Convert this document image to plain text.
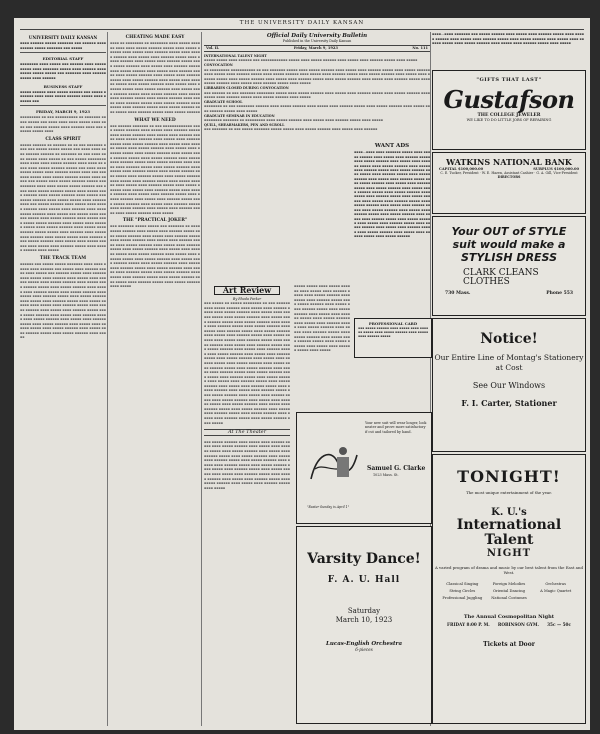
THE UNIVERSITY DAILY KANSAN
UNIVERSITY DAILY KANSAN
▪▪▪▪ ▪▪▪▪▪▪ ▪▪▪▪▪ ▪▪▪▪▪▪▪ ▪▪▪ ▪▪▪▪▪▪ ▪▪▪▪ ▪▪▪▪▪▪ ▪▪▪▪▪ ▪▪▪▪▪▪▪ ▪▪▪ ▪▪▪▪▪
EDITORIAL STAFF
▪▪▪▪▪▪▪▪ ▪▪▪▪ ▪▪▪▪▪ ▪▪▪ ▪▪▪▪▪▪ ▪▪▪▪ ▪▪▪▪▪ ▪▪▪▪▪ ▪▪▪▪ ▪▪▪▪▪▪▪ ▪▪▪▪▪ ▪▪▪▪ ▪▪▪▪▪▪ ▪▪▪▪ ▪▪▪▪▪ ▪▪▪▪▪ ▪▪▪▪▪ ▪▪▪ ▪▪▪▪▪▪▪ ▪▪▪▪ ▪▪▪▪▪▪ ▪▪▪▪▪ ▪▪▪▪ ▪▪▪▪▪▪
BUSINESS STAFF
▪▪▪▪▪ ▪▪▪▪▪▪ ▪▪▪▪ ▪▪▪▪▪ ▪▪▪▪▪▪ ▪▪▪ ▪▪▪▪▪ ▪▪▪▪▪▪▪ ▪▪▪▪ ▪▪▪▪ ▪▪▪▪▪ ▪▪▪▪▪▪ ▪▪▪▪▪ ▪▪▪▪ ▪▪▪▪▪▪ ▪▪▪
FRIDAY, MARCH 9, 1923
▪▪▪▪▪▪▪▪▪ ▪▪ ▪▪▪ ▪▪▪▪▪▪▪▪▪▪ ▪▪ ▪▪▪▪▪▪▪ ▪▪▪▪▪ ▪▪▪▪▪ ▪▪▪ ▪▪▪▪ ▪▪▪▪ ▪▪▪▪ ▪▪▪▪▪ ▪▪▪▪ ▪▪▪▪ ▪▪▪ ▪▪▪▪▪▪ ▪▪▪▪▪ ▪▪▪▪ ▪▪▪▪▪▪ ▪▪▪▪ ▪▪▪ ▪▪▪▪▪▪ ▪▪▪▪▪ ▪▪▪▪
CLASS SPIRIT
▪▪▪▪▪ ▪▪▪▪▪▪ ▪▪ ▪▪▪▪▪▪ ▪▪ ▪▪ ▪▪▪ ▪▪▪▪▪▪▪ ▪▪▪▪ ▪▪▪ ▪▪▪▪▪ ▪▪▪▪▪ ▪▪▪▪▪ ▪▪▪ ▪▪▪▪ ▪▪▪▪ ▪▪▪▪ ▪▪▪▪▪▪ ▪▪▪▪▪▪ ▪▪ ▪▪▪▪▪▪▪ ▪▪ ▪▪▪ ▪▪▪▪ ▪▪▪▪ ▪▪▪▪▪ ▪▪▪▪ ▪▪▪▪▪ ▪▪ ▪▪▪ ▪▪▪▪▪ ▪▪▪▪▪▪▪▪ ▪▪▪▪ ▪▪▪▪ ▪▪▪▪ ▪▪▪▪▪ ▪▪▪▪▪▪ ▪▪▪▪ ▪▪▪▪ ▪▪ ▪▪▪▪ ▪▪▪▪ ▪▪▪▪▪ ▪▪▪▪▪▪ ▪▪▪▪▪ ▪▪▪ ▪▪▪▪ ▪▪▪▪ ▪▪▪▪▪ ▪▪▪▪▪ ▪▪▪▪ ▪▪▪▪▪▪ ▪▪▪▪▪ ▪▪▪▪ ▪▪▪ ▪▪▪▪▪▪▪ ▪▪▪▪▪ ▪▪▪▪ ▪▪▪▪▪ ▪▪▪▪▪▪ ▪▪▪▪▪ ▪▪▪▪ ▪▪▪▪▪ ▪▪▪ ▪▪▪▪▪ ▪▪▪▪ ▪▪▪▪▪ ▪▪▪▪▪▪ ▪▪▪▪▪ ▪▪▪ ▪▪▪▪▪▪▪ ▪▪▪▪ ▪▪▪▪ ▪▪▪▪▪ ▪▪▪▪▪ ▪▪▪▪▪▪ ▪▪▪ ▪▪▪▪ ▪▪▪▪ ▪▪▪▪▪ ▪▪▪▪▪▪ ▪▪▪▪▪ ▪▪▪▪ ▪▪▪▪▪ ▪▪▪▪ ▪▪▪▪▪▪ ▪▪▪▪ ▪▪▪▪▪ ▪▪▪▪▪▪ ▪▪▪▪ ▪▪▪▪▪ ▪▪▪ ▪▪▪▪▪ ▪▪▪▪▪▪ ▪▪▪▪ ▪▪▪▪▪ ▪▪▪▪▪ ▪▪▪▪ ▪▪▪▪▪▪ ▪▪▪▪ ▪▪▪ ▪▪▪▪▪ ▪▪▪▪▪▪ ▪▪▪▪ ▪▪▪▪▪ ▪▪▪▪ ▪▪▪▪▪ ▪▪▪▪▪▪ ▪▪▪▪ ▪▪▪▪▪ ▪▪▪▪ ▪▪▪▪▪▪ ▪▪▪▪ ▪▪▪▪ ▪▪▪▪▪ ▪▪▪▪▪▪ ▪▪▪▪ ▪▪▪▪▪ ▪▪▪ ▪▪▪▪▪ ▪▪▪▪ ▪▪▪▪▪▪ ▪▪▪▪▪ ▪▪▪▪ ▪▪▪▪▪ ▪▪▪▪▪▪ ▪▪▪▪ ▪▪▪▪▪ ▪▪▪▪ ▪▪▪▪▪ ▪▪▪▪▪ ▪▪▪▪▪▪ ▪▪▪▪ ▪▪▪▪▪ ▪▪▪▪ ▪▪▪▪▪▪ ▪▪▪▪▪ ▪▪▪▪ ▪▪▪▪▪ ▪▪▪▪▪▪ ▪▪▪▪ ▪▪▪▪▪ ▪▪▪▪ ▪▪▪▪▪▪ ▪▪▪▪▪ ▪▪▪▪▪ ▪▪▪▪ ▪▪▪▪▪▪ ▪▪▪▪ ▪▪▪▪▪ ▪▪▪▪ ▪▪▪▪▪▪ ▪▪▪▪ ▪▪▪▪▪ ▪▪▪▪▪ ▪▪▪▪ ▪▪▪▪▪▪ ▪▪▪▪ ▪▪▪▪▪ ▪▪▪▪▪▪ ▪▪▪▪ ▪▪▪▪▪ ▪▪▪▪ ▪▪▪▪▪ ▪▪▪▪▪▪ ▪▪▪▪ ▪▪▪▪▪ ▪▪▪▪ ▪▪▪▪▪▪ ▪▪▪▪▪ ▪▪▪▪ ▪▪▪▪▪ ▪▪▪▪▪▪ ▪▪▪▪ ▪▪▪▪▪
THE TRACK TEAM
▪▪▪▪▪▪ ▪▪▪ ▪▪▪▪▪ ▪▪▪▪▪ ▪▪▪▪▪▪▪ ▪▪▪▪ ▪▪▪▪ ▪▪▪▪▪ ▪▪▪▪ ▪▪▪▪▪▪ ▪▪▪ ▪▪▪▪▪ ▪▪▪▪ ▪▪▪▪▪▪ ▪▪▪▪▪ ▪▪▪▪ ▪▪▪▪▪ ▪▪▪ ▪▪▪▪▪▪ ▪▪▪▪▪ ▪▪▪▪ ▪▪▪▪▪▪ ▪▪▪▪ ▪▪▪▪▪ ▪▪▪▪ ▪▪▪▪▪▪ ▪▪▪▪ ▪▪▪▪▪ ▪▪▪▪ ▪▪▪▪▪▪ ▪▪▪▪▪ ▪▪▪▪ ▪▪▪▪▪ ▪▪▪▪▪▪ ▪▪▪▪ ▪▪▪▪▪ ▪▪▪▪ ▪▪▪▪▪▪ ▪▪▪▪▪ ▪▪▪▪ ▪▪▪▪▪ ▪▪▪▪▪▪ ▪▪▪▪ ▪▪▪▪▪ ▪▪▪▪ ▪▪▪▪▪▪ ▪▪▪▪▪ ▪▪▪▪ ▪▪▪▪▪ ▪▪▪▪▪▪ ▪▪▪▪ ▪▪▪▪▪ ▪▪▪▪ ▪▪▪▪▪▪ ▪▪▪▪▪ ▪▪▪▪ ▪▪▪▪▪ ▪▪▪▪▪▪ ▪▪▪▪ ▪▪▪▪▪ ▪▪▪▪ ▪▪▪▪▪▪ ▪▪▪▪▪ ▪▪▪▪ ▪▪▪▪▪ ▪▪▪▪▪▪ ▪▪▪▪ ▪▪▪▪▪ ▪▪▪▪ ▪▪▪▪▪▪ ▪▪▪▪▪ ▪▪▪▪ ▪▪▪▪▪ ▪▪▪▪▪▪ ▪▪▪▪ ▪▪▪▪▪ ▪▪▪▪ ▪▪▪▪▪▪ ▪▪▪▪▪ ▪▪▪▪ ▪▪▪▪▪ ▪▪▪▪▪▪ ▪▪▪▪ ▪▪▪▪▪ ▪▪▪▪ ▪▪▪▪▪▪ ▪▪▪▪▪ ▪▪▪▪ ▪▪▪▪▪ ▪▪▪▪▪▪ ▪▪▪▪ ▪▪▪▪▪ ▪▪▪▪ ▪▪▪▪▪▪ ▪▪▪▪▪ ▪▪▪▪ ▪▪▪▪▪ ▪▪▪▪▪▪ ▪▪▪▪ ▪▪▪▪▪ ▪▪▪▪ ▪▪▪▪▪▪ ▪▪▪▪▪ ▪▪▪▪ ▪▪▪▪▪ ▪▪▪▪▪▪ ▪▪▪▪ ▪▪▪▪▪ ▪▪▪▪ ▪▪▪▪▪▪ ▪▪▪▪▪ ▪▪▪▪ ▪▪▪▪▪ ▪▪▪▪▪▪ ▪▪▪▪ ▪▪▪▪▪
CHEATING MADE EASY
▪▪▪▪ ▪▪ ▪▪▪▪▪▪▪▪ ▪▪ ▪▪▪▪▪▪▪▪ ▪▪▪▪ ▪▪▪▪▪ ▪▪▪▪▪▪ ▪▪▪▪ ▪▪▪▪ ▪▪▪▪▪ ▪▪▪▪▪▪ ▪▪▪▪▪ ▪▪▪▪ ▪▪▪▪▪ ▪▪▪▪▪▪ ▪▪▪▪ ▪▪▪▪▪ ▪▪▪▪ ▪▪▪▪▪▪ ▪▪▪▪▪ ▪▪▪▪ ▪▪▪▪▪ ▪▪▪▪▪▪ ▪▪▪▪ ▪▪▪▪▪ ▪▪▪▪ ▪▪▪▪▪▪ ▪▪▪▪▪ ▪▪▪▪ ▪▪▪▪▪ ▪▪▪▪▪▪ ▪▪▪▪ ▪▪▪▪▪ ▪▪▪▪ ▪▪▪▪▪▪ ▪▪▪▪▪ ▪▪▪▪ ▪▪▪▪▪ ▪▪▪▪▪▪ ▪▪▪▪ ▪▪▪▪▪ ▪▪▪▪ ▪▪▪▪▪▪ ▪▪▪▪▪ ▪▪▪▪ ▪▪▪▪▪ ▪▪▪▪▪▪ ▪▪▪▪ ▪▪▪▪▪ ▪▪▪▪ ▪▪▪▪▪▪ ▪▪▪▪▪ ▪▪▪▪ ▪▪▪▪▪ ▪▪▪▪▪▪ ▪▪▪▪ ▪▪▪▪▪ ▪▪▪▪ ▪▪▪▪▪▪ ▪▪▪▪▪ ▪▪▪▪ ▪▪▪▪▪ ▪▪▪▪▪▪ ▪▪▪▪ ▪▪▪▪▪ ▪▪▪▪ ▪▪▪▪▪▪ ▪▪▪▪▪ ▪▪▪▪ ▪▪▪▪▪ ▪▪▪▪▪▪ ▪▪▪▪ ▪▪▪▪▪ ▪▪▪▪ ▪▪▪▪▪▪ ▪▪▪▪▪ ▪▪▪▪ ▪▪▪▪▪ ▪▪▪▪▪▪ ▪▪▪▪ ▪▪▪▪▪ ▪▪▪▪ ▪▪▪▪▪▪ ▪▪▪▪▪ ▪▪▪▪ ▪▪▪▪▪ ▪▪▪▪▪▪ ▪▪▪▪ ▪▪▪▪▪ ▪▪▪▪ ▪▪▪▪▪▪ ▪▪▪▪▪ ▪▪▪▪ ▪▪▪▪▪ ▪▪▪▪▪▪ ▪▪▪▪ ▪▪▪▪▪ ▪▪▪▪ ▪▪▪▪▪▪ ▪▪▪▪▪ ▪▪▪▪ ▪▪▪▪▪ ▪▪▪▪▪▪ ▪▪▪▪ ▪▪▪▪▪ ▪▪▪▪ ▪▪▪▪▪▪ ▪▪▪▪▪ ▪▪▪▪ ▪▪▪▪▪ ▪▪▪▪▪▪ ▪▪▪▪ ▪▪▪▪▪ ▪▪▪▪ ▪▪▪▪▪▪ ▪▪▪▪▪ ▪▪▪▪ ▪▪▪▪▪ ▪▪▪▪▪▪
WHAT WE NEED
▪▪▪ ▪▪▪▪▪▪ ▪▪▪▪▪▪▪ ▪▪ ▪▪▪ ▪▪▪▪▪▪▪▪▪▪▪▪▪ ▪▪▪▪ ▪▪▪▪▪ ▪▪▪▪▪▪ ▪▪▪▪ ▪▪▪▪▪ ▪▪▪▪ ▪▪▪▪▪▪ ▪▪▪▪▪ ▪▪▪▪ ▪▪▪▪▪ ▪▪▪▪▪▪ ▪▪▪▪ ▪▪▪▪▪ ▪▪▪▪ ▪▪▪▪▪▪ ▪▪▪▪▪ ▪▪▪▪ ▪▪▪▪▪ ▪▪▪▪▪▪ ▪▪▪▪ ▪▪▪▪▪ ▪▪▪▪ ▪▪▪▪▪▪ ▪▪▪▪▪ ▪▪▪▪ ▪▪▪▪▪ ▪▪▪▪▪▪ ▪▪▪▪ ▪▪▪▪▪ ▪▪▪▪ ▪▪▪▪▪▪ ▪▪▪▪▪ ▪▪▪▪ ▪▪▪▪▪ ▪▪▪▪▪▪ ▪▪▪▪ ▪▪▪▪▪ ▪▪▪▪ ▪▪▪▪▪▪ ▪▪▪▪▪ ▪▪▪▪ ▪▪▪▪▪ ▪▪▪▪▪▪ ▪▪▪▪ ▪▪▪▪▪ ▪▪▪▪ ▪▪▪▪▪▪ ▪▪▪▪▪ ▪▪▪▪ ▪▪▪▪▪ ▪▪▪▪▪▪ ▪▪▪▪ ▪▪▪▪▪ ▪▪▪▪ ▪▪▪▪▪▪ ▪▪▪▪▪ ▪▪▪▪ ▪▪▪▪▪ ▪▪▪▪▪▪ ▪▪▪▪ ▪▪▪▪▪ ▪▪▪▪ ▪▪▪▪▪▪ ▪▪▪▪▪ ▪▪▪▪ ▪▪▪▪▪ ▪▪▪▪▪▪ ▪▪▪▪ ▪▪▪▪▪ ▪▪▪▪ ▪▪▪▪▪▪ ▪▪▪▪▪ ▪▪▪▪ ▪▪▪▪▪ ▪▪▪▪▪▪ ▪▪▪▪ ▪▪▪▪▪ ▪▪▪▪ ▪▪▪▪▪▪ ▪▪▪▪▪ ▪▪▪▪ ▪▪▪▪▪ ▪▪▪▪▪▪ ▪▪▪▪ ▪▪▪▪▪ ▪▪▪▪ ▪▪▪▪▪▪ ▪▪▪▪▪ ▪▪▪▪ ▪▪▪▪▪ ▪▪▪▪▪▪ ▪▪▪▪ ▪▪▪▪▪ ▪▪▪▪ ▪▪▪▪▪▪ ▪▪▪▪▪ ▪▪▪▪ ▪▪▪▪▪ ▪▪▪▪▪▪ ▪▪▪▪ ▪▪▪▪▪ ▪▪▪▪ ▪▪▪▪▪▪ ▪▪▪▪▪ ▪▪▪▪ ▪▪▪▪▪ ▪▪▪▪▪▪ ▪▪▪▪ ▪▪▪▪▪ ▪▪▪▪ ▪▪▪▪▪▪ ▪▪▪▪▪ ▪▪▪▪ ▪▪▪▪▪ ▪▪▪▪▪▪ ▪▪▪▪ ▪▪▪▪▪ ▪▪▪▪ ▪▪▪▪▪▪ ▪▪▪▪▪ ▪▪▪▪ ▪▪▪▪▪ ▪▪▪▪▪▪ ▪▪▪▪ ▪▪▪▪▪ ▪▪▪▪ ▪▪▪▪▪▪ ▪▪▪▪▪ ▪▪▪▪ ▪▪▪▪▪ ▪▪▪▪▪▪ ▪▪▪▪ ▪▪▪▪▪ ▪▪▪▪ ▪▪▪▪▪▪ ▪▪▪▪▪ ▪▪▪▪ ▪▪▪▪▪ ▪▪▪▪▪▪ ▪▪▪▪ ▪▪▪▪▪
THE "PRACTICAL JOKER"
▪▪▪ ▪▪▪▪▪▪▪ ▪▪▪▪▪ ▪▪▪▪▪ ▪▪▪ ▪▪▪▪▪▪▪ ▪▪ ▪▪▪▪ ▪▪▪▪▪ ▪▪▪▪▪▪ ▪▪▪▪ ▪▪▪▪▪ ▪▪▪▪ ▪▪▪▪▪▪ ▪▪▪▪▪ ▪▪▪▪ ▪▪▪▪▪ ▪▪▪▪▪▪ ▪▪▪▪ ▪▪▪▪▪ ▪▪▪▪ ▪▪▪▪▪▪ ▪▪▪▪▪ ▪▪▪▪ ▪▪▪▪▪ ▪▪▪▪▪▪ ▪▪▪▪ ▪▪▪▪▪ ▪▪▪▪ ▪▪▪▪▪▪ ▪▪▪▪▪ ▪▪▪▪ ▪▪▪▪▪ ▪▪▪▪▪▪ ▪▪▪▪ ▪▪▪▪▪ ▪▪▪▪ ▪▪▪▪▪▪ ▪▪▪▪▪ ▪▪▪▪ ▪▪▪▪▪ ▪▪▪▪▪▪ ▪▪▪▪ ▪▪▪▪▪ ▪▪▪▪ ▪▪▪▪▪▪ ▪▪▪▪▪ ▪▪▪▪ ▪▪▪▪▪ ▪▪▪▪▪▪ ▪▪▪▪ ▪▪▪▪▪ ▪▪▪▪ ▪▪▪▪▪▪ ▪▪▪▪▪ ▪▪▪▪ ▪▪▪▪▪ ▪▪▪▪▪▪ ▪▪▪▪ ▪▪▪▪▪ ▪▪▪▪ ▪▪▪▪▪▪ ▪▪▪▪▪ ▪▪▪▪ ▪▪▪▪▪ ▪▪▪▪▪▪ ▪▪▪▪ ▪▪▪▪▪ ▪▪▪▪ ▪▪▪▪▪▪ ▪▪▪▪▪ ▪▪▪▪ ▪▪▪▪▪ ▪▪▪▪▪▪ ▪▪▪▪ ▪▪▪▪▪ ▪▪▪▪ ▪▪▪▪▪▪ ▪▪▪▪▪ ▪▪▪▪ ▪▪▪▪▪ ▪▪▪▪▪▪ ▪▪▪▪ ▪▪▪▪▪ ▪▪▪▪ ▪▪▪▪▪▪ ▪▪▪▪▪ ▪▪▪▪ ▪▪▪▪▪ ▪▪▪▪▪▪ ▪▪▪▪ ▪▪▪▪▪ ▪▪▪▪ ▪▪▪▪▪▪ ▪▪▪▪▪ ▪▪▪▪ ▪▪▪▪▪ ▪▪▪▪▪▪ ▪▪▪▪ ▪▪▪▪▪
Official Daily University Bulletin
Published in the University Daily Kansan
Vol. II.	Friday, March 9, 1923	No. 111
INTERNATIONAL TALENT NIGHT
▪▪▪▪▪ ▪▪▪▪▪ ▪▪▪▪ ▪▪▪▪▪▪ ▪▪▪ ▪▪▪▪▪▪▪▪▪▪▪▪ ▪▪▪▪▪ ▪▪▪▪ ▪▪▪▪▪ ▪▪▪▪▪▪ ▪▪▪▪ ▪▪▪▪▪ ▪▪▪▪ ▪▪▪▪▪▪ ▪▪▪▪▪ ▪▪▪▪ ▪▪▪▪▪
CONVOCATION
▪▪ ▪▪▪▪▪▪▪▪▪ ▪▪▪▪▪▪▪▪▪▪▪ ▪▪ ▪▪▪ ▪▪▪▪▪▪▪ ▪▪▪▪▪ ▪▪▪▪ ▪▪▪▪▪ ▪▪▪▪▪▪ ▪▪▪▪ ▪▪▪▪▪ ▪▪▪▪ ▪▪▪▪▪▪ ▪▪▪▪▪ ▪▪▪▪ ▪▪▪▪▪ ▪▪▪▪▪▪ ▪▪▪▪ ▪▪▪▪▪ ▪▪▪▪ ▪▪▪▪▪▪ ▪▪▪▪▪ ▪▪▪▪ ▪▪▪▪▪ ▪▪▪▪▪▪ ▪▪▪▪ ▪▪▪▪▪ ▪▪▪▪ ▪▪▪▪▪▪ ▪▪▪▪▪ ▪▪▪▪ ▪▪▪▪▪ ▪▪▪▪▪▪ ▪▪▪▪ ▪▪▪▪▪ ▪▪▪▪ ▪▪▪▪▪▪ ▪▪▪▪▪ ▪▪▪▪ ▪▪▪▪▪ ▪▪▪▪▪▪ ▪▪▪▪ ▪▪▪▪▪ ▪▪▪▪ ▪▪▪▪▪▪ ▪▪▪▪▪ ▪▪▪▪ ▪▪▪▪▪ ▪▪▪▪▪▪ ▪▪▪▪ ▪▪▪▪▪ ▪▪▪▪ ▪▪▪▪▪▪ ▪▪▪▪▪ ▪▪▪▪ ▪▪▪▪▪ ▪▪▪▪▪▪ ▪▪▪▪ ▪▪▪▪▪ ▪▪▪▪ ▪▪▪▪▪▪ ▪▪▪▪▪ ▪▪▪▪ ▪▪▪▪▪
LIBRARIES CLOSED DURING CONVOCATION
▪▪▪ ▪▪▪▪▪▪ ▪▪ ▪▪▪ ▪▪▪▪▪▪▪ ▪▪▪▪▪▪▪▪ ▪▪▪▪▪ ▪▪▪▪ ▪▪▪▪▪ ▪▪▪▪▪▪ ▪▪▪▪ ▪▪▪▪▪ ▪▪▪▪ ▪▪▪▪▪▪ ▪▪▪▪▪ ▪▪▪▪ ▪▪▪▪▪ ▪▪▪▪▪▪ ▪▪▪▪ ▪▪▪▪▪ ▪▪▪▪ ▪▪▪▪▪▪ ▪▪▪▪▪ ▪▪▪▪ ▪▪▪▪▪ ▪▪▪▪▪▪ ▪▪▪▪ ▪▪▪▪▪
GRADUATE SCHOOL
▪▪▪▪▪▪▪▪ ▪▪ ▪▪▪ ▪▪▪▪▪▪▪▪ ▪▪▪▪▪▪ ▪▪▪▪ ▪▪▪▪▪ ▪▪▪▪▪▪ ▪▪▪▪ ▪▪▪▪▪ ▪▪▪▪ ▪▪▪▪▪▪ ▪▪▪▪▪ ▪▪▪▪ ▪▪▪▪▪ ▪▪▪▪▪▪ ▪▪▪▪ ▪▪▪▪▪ ▪▪▪▪ ▪▪▪▪▪▪ ▪▪▪▪▪ ▪▪▪▪ ▪▪▪▪▪
GRADUATE SEMINAR IN EDUCATION
▪▪▪▪▪▪▪▪ ▪▪▪▪▪▪▪ ▪▪ ▪▪▪▪▪▪▪▪▪ ▪▪▪▪ ▪▪▪▪▪ ▪▪▪▪▪▪ ▪▪▪▪ ▪▪▪▪▪ ▪▪▪▪ ▪▪▪▪▪▪ ▪▪▪▪▪ ▪▪▪▪ ▪▪▪▪▪
QUILL, SHEARMAKERS, PEN AND SCROLL
▪▪▪ ▪▪▪▪▪▪▪ ▪▪ ▪▪▪ ▪▪▪▪▪ ▪▪▪▪▪▪▪ ▪▪▪▪▪ ▪▪▪▪▪ ▪▪▪▪ ▪▪▪▪▪ ▪▪▪▪▪▪ ▪▪▪▪ ▪▪▪▪▪ ▪▪▪▪ ▪▪▪▪▪▪
WANT ADS
▪▪▪▪—▪▪▪▪ ▪▪▪▪ ▪▪▪▪▪▪▪ ▪▪▪▪▪ ▪▪▪▪ ▪▪▪▪▪ ▪▪▪▪▪▪ ▪▪▪▪ ▪▪▪▪▪ ▪▪▪▪ ▪▪▪▪▪▪ ▪▪▪▪▪ ▪▪▪▪ ▪▪▪▪▪ ▪▪▪▪▪▪ ▪▪▪▪ ▪▪▪▪▪ ▪▪▪▪ ▪▪▪▪▪▪ ▪▪▪▪▪ ▪▪▪▪ ▪▪▪▪▪ ▪▪▪▪▪▪ ▪▪▪▪ ▪▪▪▪▪ ▪▪▪▪ ▪▪▪▪▪▪ ▪▪▪▪▪ ▪▪▪▪ ▪▪▪▪▪ ▪▪▪▪▪▪ ▪▪▪▪ ▪▪▪▪▪ ▪▪▪▪ ▪▪▪▪▪▪ ▪▪▪▪▪ ▪▪▪▪ ▪▪▪▪▪ ▪▪▪▪▪▪ ▪▪▪▪ ▪▪▪▪▪ ▪▪▪▪ ▪▪▪▪▪▪ ▪▪▪▪▪ ▪▪▪▪ ▪▪▪▪▪ ▪▪▪▪▪▪ ▪▪▪▪ ▪▪▪▪▪ ▪▪▪▪ ▪▪▪▪▪▪ ▪▪▪▪▪ ▪▪▪▪ ▪▪▪▪▪ ▪▪▪▪▪▪ ▪▪▪▪ ▪▪▪▪▪ ▪▪▪▪ ▪▪▪▪▪▪ ▪▪▪▪▪ ▪▪▪▪ ▪▪▪▪▪ ▪▪▪▪▪▪ ▪▪▪▪ ▪▪▪▪▪ ▪▪▪▪ ▪▪▪▪▪▪ ▪▪▪▪▪ ▪▪▪▪ ▪▪▪▪▪ ▪▪▪▪▪▪ ▪▪▪▪ ▪▪▪▪▪ ▪▪▪▪ ▪▪▪▪▪▪ ▪▪▪▪▪ ▪▪▪▪ ▪▪▪▪▪ ▪▪▪▪▪▪ ▪▪▪▪ ▪▪▪▪▪ ▪▪▪▪ ▪▪▪▪▪▪ ▪▪▪▪▪ ▪▪▪▪ ▪▪▪▪▪ ▪▪▪▪▪▪ ▪▪▪▪ ▪▪▪▪▪ ▪▪▪▪ ▪▪▪▪▪▪ ▪▪▪▪▪ ▪▪▪▪ ▪▪▪▪▪ ▪▪▪▪▪▪ ▪▪▪▪ ▪▪▪▪▪ ▪▪▪▪ ▪▪▪▪▪▪ ▪▪▪▪▪ ▪▪▪▪ ▪▪▪▪▪ ▪▪▪▪▪▪ ▪▪▪▪ ▪▪▪▪▪ ▪▪▪▪ ▪▪▪▪▪▪ ▪▪▪▪▪ ▪▪▪▪ ▪▪▪▪▪ ▪▪▪▪▪▪ ▪▪▪▪ ▪▪▪▪▪ ▪▪▪▪ ▪▪▪▪▪▪ ▪▪▪▪▪ ▪▪▪▪ ▪▪▪▪▪ ▪▪▪▪▪▪ ▪▪▪▪ ▪▪▪▪▪ ▪▪▪▪ ▪▪▪▪▪▪ ▪▪▪▪▪ ▪▪▪▪ ▪▪▪▪▪ ▪▪▪▪▪▪
PROFESSIONAL CARD
▪▪▪ ▪▪▪▪▪ ▪▪▪▪▪▪ ▪▪▪▪ ▪▪▪▪▪ ▪▪▪▪ ▪▪▪▪▪▪ ▪▪▪▪▪ ▪▪▪▪ ▪▪▪▪▪ ▪▪▪▪▪▪ ▪▪▪▪ ▪▪▪▪▪ ▪▪▪▪ ▪▪▪▪▪▪ ▪▪▪▪▪
Art Review
By Rhoda Parker
▪▪▪ ▪▪▪▪▪ ▪▪ ▪▪▪▪▪ ▪▪▪▪▪▪▪▪ ▪▪ ▪▪▪ ▪▪▪▪▪▪ ▪▪▪▪ ▪▪▪▪▪ ▪▪▪▪▪▪ ▪▪▪▪ ▪▪▪▪▪ ▪▪▪▪ ▪▪▪▪▪▪ ▪▪▪▪▪ ▪▪▪▪ ▪▪▪▪▪ ▪▪▪▪▪▪ ▪▪▪▪ ▪▪▪▪▪ ▪▪▪▪ ▪▪▪▪▪▪ ▪▪▪▪▪ ▪▪▪▪ ▪▪▪▪▪ ▪▪▪▪▪▪ ▪▪▪▪ ▪▪▪▪▪ ▪▪▪▪ ▪▪▪▪▪▪ ▪▪▪▪▪ ▪▪▪▪ ▪▪▪▪▪ ▪▪▪▪▪▪ ▪▪▪▪ ▪▪▪▪▪ ▪▪▪▪ ▪▪▪▪▪▪ ▪▪▪▪▪ ▪▪▪▪ ▪▪▪▪▪ ▪▪▪▪▪▪ ▪▪▪▪ ▪▪▪▪▪ ▪▪▪▪ ▪▪▪▪▪▪ ▪▪▪▪▪ ▪▪▪▪ ▪▪▪▪▪ ▪▪▪▪▪▪ ▪▪▪▪ ▪▪▪▪▪ ▪▪▪▪ ▪▪▪▪▪▪ ▪▪▪▪▪ ▪▪▪▪ ▪▪▪▪▪ ▪▪▪▪▪▪ ▪▪▪▪ ▪▪▪▪▪ ▪▪▪▪ ▪▪▪▪▪▪ ▪▪▪▪▪ ▪▪▪▪ ▪▪▪▪▪ ▪▪▪▪▪▪ ▪▪▪▪ ▪▪▪▪▪ ▪▪▪▪ ▪▪▪▪▪▪ ▪▪▪▪▪ ▪▪▪▪ ▪▪▪▪▪ ▪▪▪▪▪▪ ▪▪▪▪ ▪▪▪▪▪ ▪▪▪▪ ▪▪▪▪▪▪ ▪▪▪▪▪ ▪▪▪▪ ▪▪▪▪▪ ▪▪▪▪▪▪ ▪▪▪▪ ▪▪▪▪▪ ▪▪▪▪ ▪▪▪▪▪▪ ▪▪▪▪▪ ▪▪▪▪ ▪▪▪▪▪ ▪▪▪▪▪▪ ▪▪▪▪ ▪▪▪▪▪ ▪▪▪▪ ▪▪▪▪▪▪ ▪▪▪▪▪ ▪▪▪▪ ▪▪▪▪▪ ▪▪▪▪▪▪ ▪▪▪▪ ▪▪▪▪▪ ▪▪▪▪ ▪▪▪▪▪▪ ▪▪▪▪▪ ▪▪▪▪ ▪▪▪▪▪ ▪▪▪▪▪▪ ▪▪▪▪ ▪▪▪▪▪ ▪▪▪▪ ▪▪▪▪▪▪ ▪▪▪▪▪ ▪▪▪▪ ▪▪▪▪▪ ▪▪▪▪▪▪ ▪▪▪▪ ▪▪▪▪▪ ▪▪▪▪ ▪▪▪▪▪▪ ▪▪▪▪▪ ▪▪▪▪ ▪▪▪▪▪ ▪▪▪▪▪▪ ▪▪▪▪ ▪▪▪▪▪ ▪▪▪▪ ▪▪▪▪▪▪ ▪▪▪▪▪ ▪▪▪▪ ▪▪▪▪▪ ▪▪▪▪▪▪ ▪▪▪▪ ▪▪▪▪▪ ▪▪▪▪ ▪▪▪▪▪▪ ▪▪▪▪▪ ▪▪▪▪ ▪▪▪▪▪ ▪▪▪▪▪▪ ▪▪▪▪ ▪▪▪▪▪ ▪▪▪▪ ▪▪▪▪▪▪ ▪▪▪▪▪ ▪▪▪▪ ▪▪▪▪▪ ▪▪▪▪▪▪ ▪▪▪▪ ▪▪▪▪▪ ▪▪▪▪ ▪▪▪▪▪▪ ▪▪▪▪▪ ▪▪▪▪ ▪▪▪▪▪ ▪▪▪▪▪▪ ▪▪▪▪ ▪▪▪▪▪ ▪▪▪▪ ▪▪▪▪▪▪ ▪▪▪▪▪ ▪▪▪▪ ▪▪▪▪▪ ▪▪▪▪▪▪ ▪▪▪▪ ▪▪▪▪▪ ▪▪▪▪ ▪▪▪▪▪▪ ▪▪▪▪▪ ▪▪▪▪ ▪▪▪▪▪ ▪▪▪▪▪▪ ▪▪▪▪ ▪▪▪▪▪ ▪▪▪▪ ▪▪▪▪▪▪ ▪▪▪▪▪ ▪▪▪▪ ▪▪▪▪▪ ▪▪▪▪▪▪ ▪▪▪▪ ▪▪▪▪▪ ▪▪▪▪ ▪▪▪▪▪▪ ▪▪▪▪▪ ▪▪▪▪ ▪▪▪▪▪ ▪▪▪▪▪▪ ▪▪▪▪ ▪▪▪▪▪
At The Theater
▪▪▪ ▪▪▪▪▪ ▪▪▪▪▪▪ ▪▪▪▪ ▪▪▪▪▪ ▪▪▪▪ ▪▪▪▪▪▪ ▪▪▪▪▪ ▪▪▪▪ ▪▪▪▪▪ ▪▪▪▪▪▪ ▪▪▪▪ ▪▪▪▪▪ ▪▪▪▪ ▪▪▪▪▪▪ ▪▪▪▪▪ ▪▪▪▪ ▪▪▪▪▪ ▪▪▪▪▪▪ ▪▪▪▪ ▪▪▪▪▪ ▪▪▪▪ ▪▪▪▪▪▪ ▪▪▪▪▪ ▪▪▪▪ ▪▪▪▪▪ ▪▪▪▪▪▪ ▪▪▪▪ ▪▪▪▪▪ ▪▪▪▪ ▪▪▪▪▪▪ ▪▪▪▪▪ ▪▪▪▪ ▪▪▪▪▪ ▪▪▪▪▪▪ ▪▪▪▪ ▪▪▪▪▪ ▪▪▪▪ ▪▪▪▪▪▪ ▪▪▪▪▪ ▪▪▪▪ ▪▪▪▪▪ ▪▪▪▪▪▪ ▪▪▪▪ ▪▪▪▪▪ ▪▪▪▪ ▪▪▪▪▪▪ ▪▪▪▪▪ ▪▪▪▪ ▪▪▪▪▪ ▪▪▪▪▪▪ ▪▪▪▪ ▪▪▪▪▪ ▪▪▪▪ ▪▪▪▪▪▪ ▪▪▪▪▪ ▪▪▪▪ ▪▪▪▪▪ ▪▪▪▪▪▪ ▪▪▪▪ ▪▪▪▪▪ ▪▪▪▪ ▪▪▪▪▪▪ ▪▪▪▪▪ ▪▪▪▪ ▪▪▪▪▪ ▪▪▪▪▪▪ ▪▪▪▪ ▪▪▪▪▪ ▪▪▪▪ ▪▪▪▪▪▪ ▪▪▪▪▪ ▪▪▪▪ ▪▪▪▪▪
▪▪▪▪▪ ▪▪▪▪▪ ▪▪▪▪ ▪▪▪▪▪ ▪▪▪▪▪▪ ▪▪▪▪ ▪▪▪▪▪ ▪▪▪▪ ▪▪▪▪▪▪ ▪▪▪▪▪ ▪▪▪▪ ▪▪▪▪▪ ▪▪▪▪▪▪ ▪▪▪▪ ▪▪▪▪▪ ▪▪▪▪ ▪▪▪▪▪▪ ▪▪▪▪▪ ▪▪▪▪ ▪▪▪▪▪ ▪▪▪▪▪▪ ▪▪▪▪ ▪▪▪▪▪ ▪▪▪▪ ▪▪▪▪▪▪ ▪▪▪▪▪ ▪▪▪▪ ▪▪▪▪▪ ▪▪▪▪▪▪ ▪▪▪▪ ▪▪▪▪▪ ▪▪▪▪ ▪▪▪▪▪▪ ▪▪▪▪▪ ▪▪▪▪ ▪▪▪▪▪ ▪▪▪▪▪▪ ▪▪▪▪ ▪▪▪▪▪ ▪▪▪▪ ▪▪▪▪▪▪ ▪▪▪▪▪ ▪▪▪▪ ▪▪▪▪▪ ▪▪▪▪▪▪ ▪▪▪▪ ▪▪▪▪▪ ▪▪▪▪ ▪▪▪▪▪▪ ▪▪▪▪▪ ▪▪▪▪ ▪▪▪▪▪ ▪▪▪▪▪▪ ▪▪▪▪ ▪▪▪▪▪ ▪▪▪▪ ▪▪▪▪▪▪ ▪▪▪▪▪ ▪▪▪▪ ▪▪▪▪▪ ▪▪▪▪▪▪ ▪▪▪▪ ▪▪▪▪▪ ▪▪▪▪ ▪▪▪▪▪▪ ▪▪▪▪▪ ▪▪▪▪ ▪▪▪▪▪
Your new suit will wear longer, look neater and prove more satisfactory if cut and tailored by hand.
Samuel G. Clarke
1023 Mass. St.
"Easter Sunday is April 1"
Varsity Dance!
F. A. U. Hall
Saturday
March 10, 1923
Lucas-English Orchestra
6-pieces
▪▪▪▪—▪▪▪▪ ▪▪▪▪▪▪▪ ▪▪▪ ▪▪▪▪▪ ▪▪▪▪▪▪ ▪▪▪▪ ▪▪▪▪▪ ▪▪▪▪ ▪▪▪▪▪▪ ▪▪▪▪▪ ▪▪▪▪ ▪▪▪▪▪ ▪▪▪▪▪▪ ▪▪▪▪ ▪▪▪▪▪ ▪▪▪▪ ▪▪▪▪▪▪ ▪▪▪▪▪ ▪▪▪▪ ▪▪▪▪▪ ▪▪▪▪▪▪ ▪▪▪▪ ▪▪▪▪▪ ▪▪▪▪ ▪▪▪▪▪▪ ▪▪▪▪▪ ▪▪▪▪ ▪▪▪▪▪ ▪▪▪▪▪▪ ▪▪▪▪ ▪▪▪▪▪ ▪▪▪▪ ▪▪▪▪▪▪ ▪▪▪▪▪ ▪▪▪▪ ▪▪▪▪▪
"GIFTS THAT LAST"
Gustafson
THE COLLEGE JEWELER
WE LIKE TO DO LITTLE JOBS OF REPAIRING
WATKINS NATIONAL BANK
CAPITAL $100,000.00	SURPLUS $100,000.00
C. E. Tucker, President · W. E. Hazen, Assistant Cashier · G. A. Gill, Vice-President
DIRECTORS
Your OUT of STYLE
suit would make a
STYLISH DRESS
CLARK CLEANS CLOTHES
730 Mass.	Phone 553
Notice!
Our Entire Line of Montag's Stationery at Cost
See Our Windows
F. I. Carter, Stationer
TONIGHT!
The most unique entertainment of the year.
K. U.'s
International Talent
NIGHT
A varied program of drama and music by our best talent from the East and West.
Classical Singing	Foreign Melodies	Orchestras
String Circles	Oriental Dancing	A Magic Quartet
Professional Juggling	National Costumes
The Annual Cosmopolitan Night
FRIDAY 8:00 P. M. ROBINSON GYM. 35c — 50c
Tickets at Door
